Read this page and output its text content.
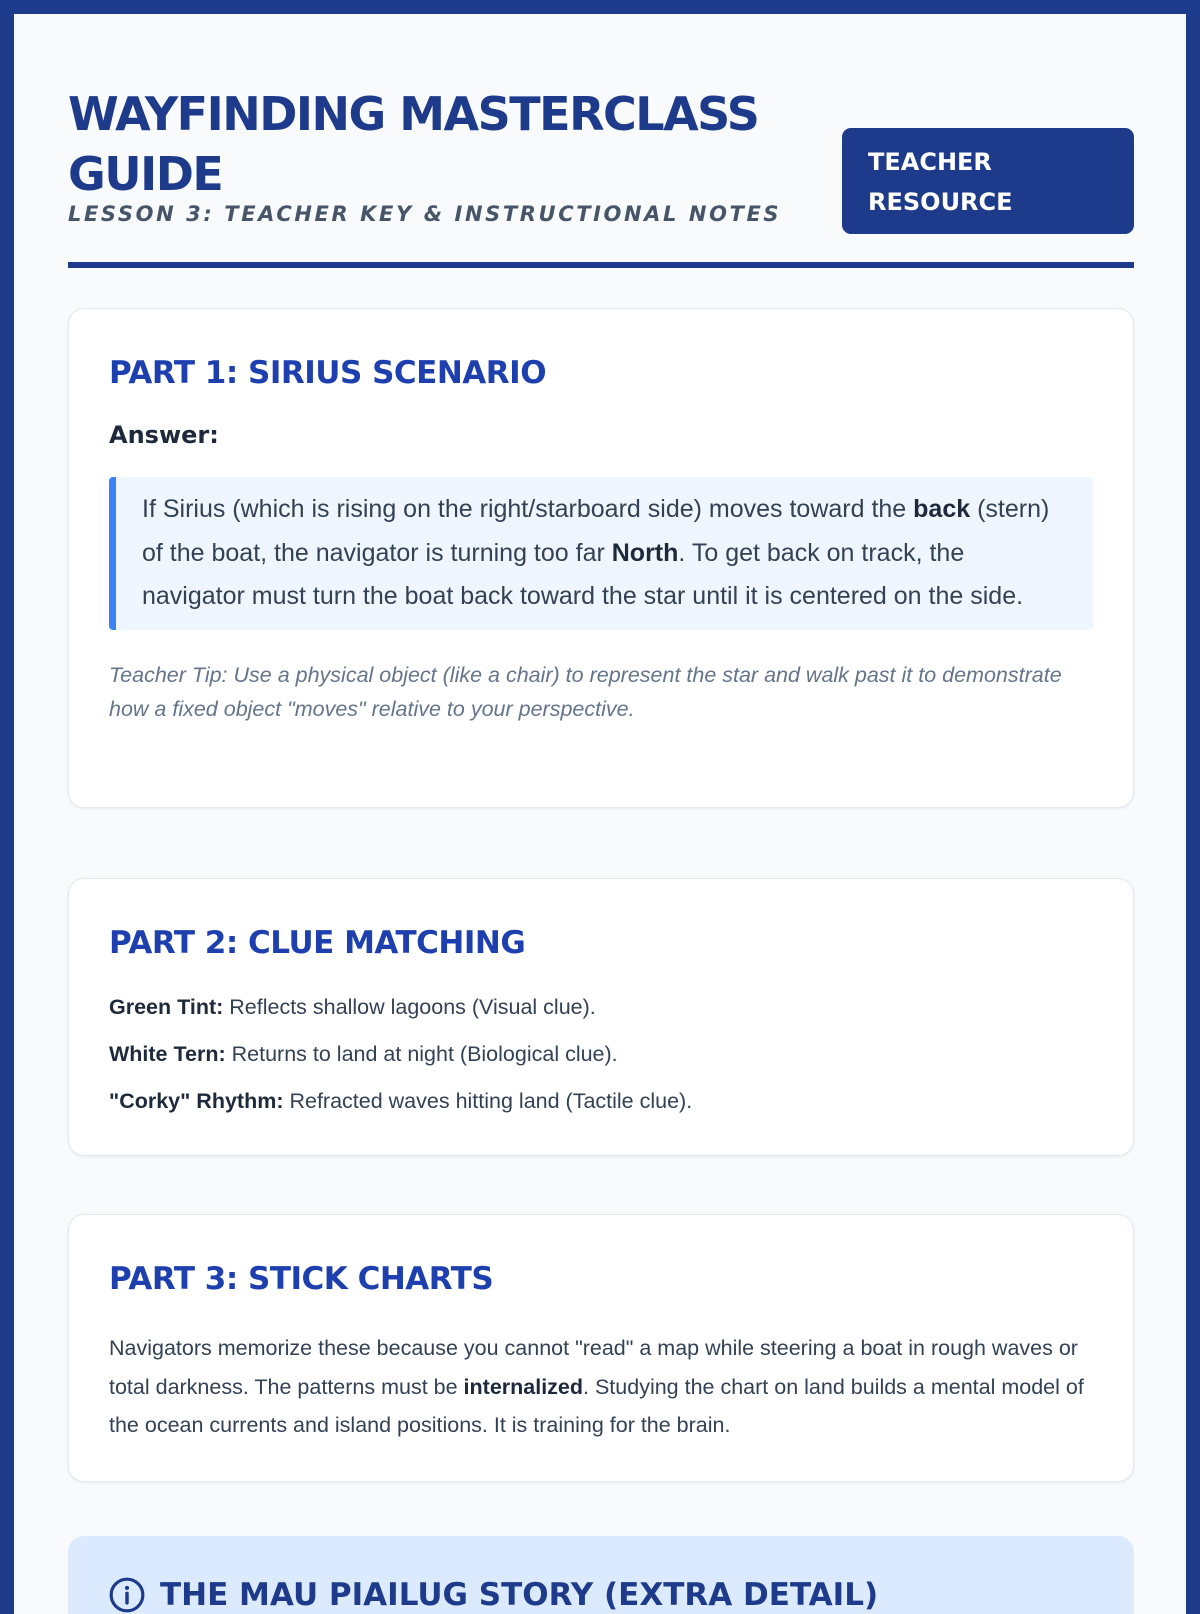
WAYFINDING MASTERCLASS GUIDE
LESSON 3: TEACHER KEY & INSTRUCTIONAL NOTES
TEACHER RESOURCE
PART 1: SIRIUS SCENARIO
Answer:
If Sirius (which is rising on the right/starboard side) moves toward the back (stern) of the boat, the navigator is turning too far North. To get back on track, the navigator must turn the boat back toward the star until it is centered on the side.

Teacher Tip: Use a physical object (like a chair) to represent the star and walk past it to demonstrate how a fixed object "moves" relative to your perspective.

PART 2: CLUE MATCHING

Green Tint: Reflects shallow lagoons (Visual clue).

White Tern: Returns to land at night (Biological clue).

"Corky" Rhythm: Refracted waves hitting land (Tactile clue).

PART 3: STICK CHARTS

Navigators memorize these because you cannot "read" a map while steering a boat in rough waves or total darkness. The patterns must be internalized. Studying the chart on land builds a mental model of the ocean currents and island positions. It is training for the brain.

THE MAU PIAILUG STORY (EXTRA DETAIL)
